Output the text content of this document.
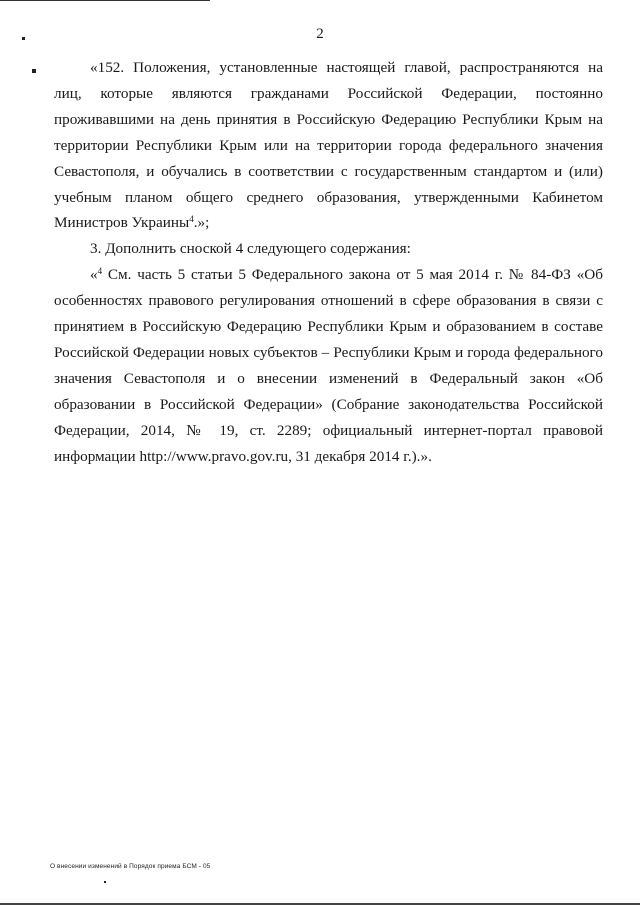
2

«152. Положения, установленные настоящей главой, распространяются на лиц, которые являются гражданами Российской Федерации, постоянно проживавшими на день принятия в Российскую Федерацию Республики Крым на территории Республики Крым или на территории города федерального значения Севастополя, и обучались в соответствии с государственным стандартом и (или) учебным планом общего среднего образования, утвержденными Кабинетом Министров Украины$^4$.»;

3. Дополнить сноской 4 следующего содержания:

«$^4$ См. часть 5 статьи 5 Федерального закона от 5 мая 2014 г. № 84-ФЗ «Об особенностях правового регулирования отношений в сфере образования в связи с принятием в Российскую Федерацию Республики Крым и образованием в составе Российской Федерации новых субъектов – Республики Крым и города федерального значения Севастополя и о внесении изменений в Федеральный закон «Об образовании в Российской Федерации» (Собрание законодательства Российской Федерации, 2014, № 19, ст. 2289; официальный интернет-портал правовой информации http://www.pravo.gov.ru, 31 декабря 2014 г.).».

О внесении изменений в Порядок приема БСМ - 05
